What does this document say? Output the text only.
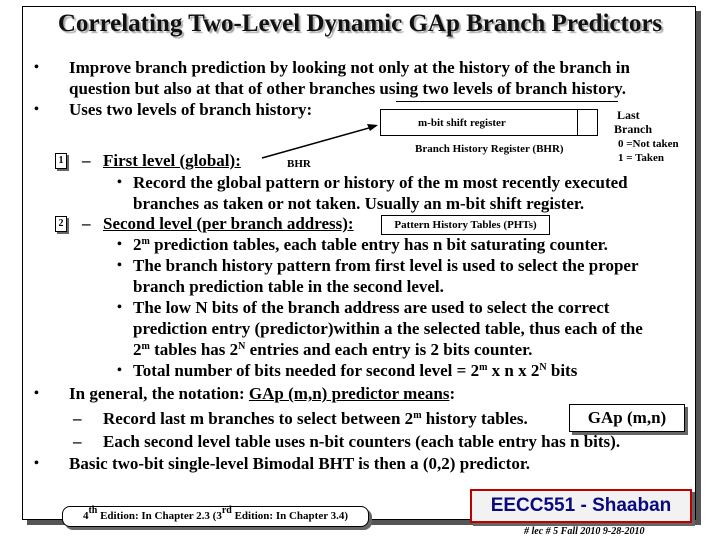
Correlating Two-Level Dynamic GAp Branch Predictors
• Improve branch prediction by looking not only at the history of the branch in
question but also at that of other branches using two levels of branch history.
• Uses two levels of branch history:
m-bit shift register
Branch History Register (BHR)
BHR
Last
Branch
0 =Not taken
1 = Taken
1 – First level (global):
• Record the global pattern or history of the m most recently executed
branches as taken or not taken. Usually an m-bit shift register.
2 – Second level (per branch address):	Pattern History Tables (PHTs)
• 2$^m$ prediction tables, each table entry has n bit saturating counter.
• The branch history pattern from first level is used to select the proper
branch prediction table in the second level.
• The low N bits of the branch address are used to select the correct
prediction entry (predictor)within a the selected table, thus each of the
2$^m$ tables has $2^N$ entries and each entry is 2 bits counter.
• Total number of bits needed for second level = $2^m$ x n x $2^N$ bits
• In general, the notation: GAp (m,n) predictor means:
– Record last m branches to select between 2$^m$ history tables.	GAp (m,n)
– Each second level table uses n-bit counters (each table entry has n bits).
• Basic two-bit single-level Bimodal BHT is then a (0,2) predictor.
4th Edition: In Chapter 2.3 (3rd Edition: In Chapter 3.4)	EECC551 - Shaaban
# lec # 5 Fall 2010 9-28-2010
